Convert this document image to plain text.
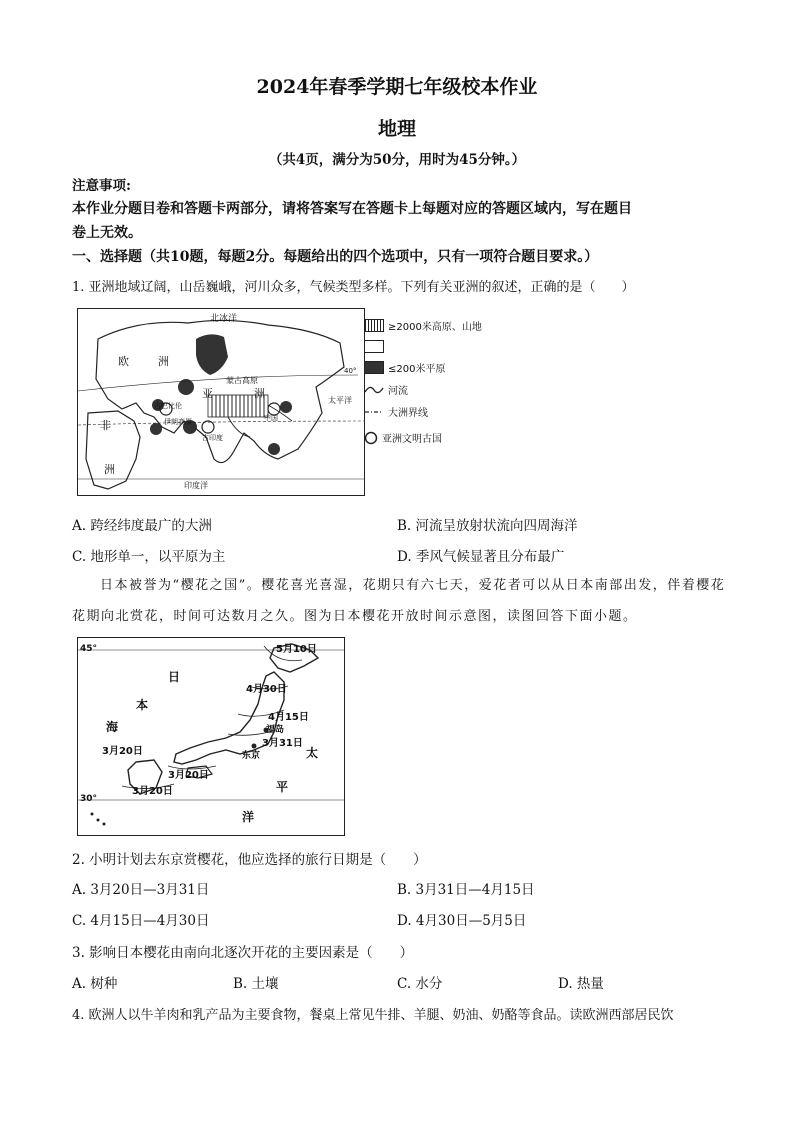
2024年春季学期七年级校本作业
地理
（共4页，满分为50分，用时为45分钟。）
注意事项:
本作业分题目卷和答题卡两部分，请将答案写在答题卡上每题对应的答题区域内，写在题目
卷上无效。
一、选择题（共10题，每题2分。每题给出的四个选项中，只有一项符合题目要求。）
1. 亚洲地域辽阔，山岳巍峨，河川众多，气候类型多样。下列有关亚洲的叙述，正确的是（　　）
北冰洋
欧	洲
亚	洲
非
洲
蒙古高原
太平洋
印度洋
40°
伊朗高原
古巴比伦
古印度
中国
≥2000米高原、山地
≤200米平原
河流
大洲界线
亚洲文明古国
A. 跨经纬度最广的大洲	B. 河流呈放射状流向四周海洋
C. 地形单一，以平原为主	D. 季风气候显著且分布最广
日本被誉为“樱花之国”。樱花喜光喜湿，花期只有六七天，爱花者可以从日本南部出发，伴着樱花
花期向北赏花，时间可达数月之久。图为日本樱花开放时间示意图，读图回答下面小题。
45°
30°
5月10日
4月30日
4月15日
福岛
3月31日
东京
3月20日
3月20日
3月20日
日
本
海
太
平
洋
2. 小明计划去东京赏樱花，他应选择的旅行日期是（　　）
A. 3月20日—3月31日	B. 3月31日—4月15日
C. 4月15日—4月30日	D. 4月30日—5月5日
3. 影响日本樱花由南向北逐次开花的主要因素是（　　）
A. 树种	B. 土壤	C. 水分	D. 热量
4. 欧洲人以牛羊肉和乳产品为主要食物，餐桌上常见牛排、羊腿、奶油、奶酪等食品。读欧洲西部居民饮
